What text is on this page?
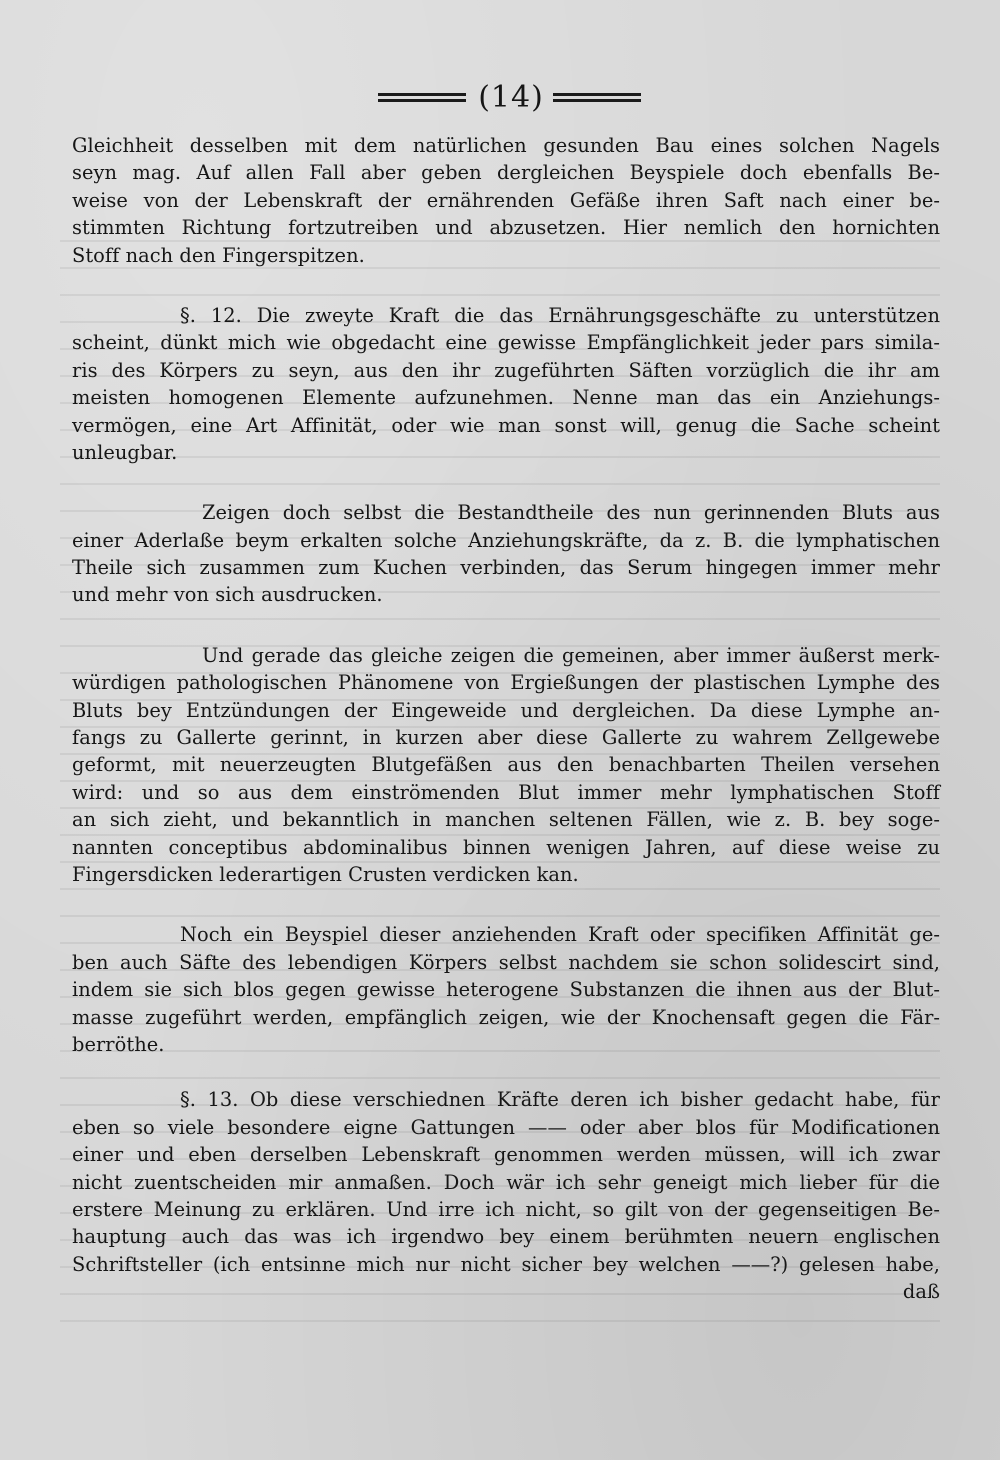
(14)
Gleichheit desselben mit dem natürlichen gesunden Bau eines solchen Nagels
seyn mag. Auf allen Fall aber geben dergleichen Beyspiele doch ebenfalls Be-
weise von der Lebenskraft der ernährenden Gefäße ihren Saft nach einer be-
stimmten Richtung fortzutreiben und abzusetzen. Hier nemlich den hornichten
Stoff nach den Fingerspitzen.
§. 12. Die zweyte Kraft die das Ernährungsgeschäfte zu unterstützen
scheint, dünkt mich wie obgedacht eine gewisse Empfänglichkeit jeder pars simila-
ris des Körpers zu seyn, aus den ihr zugeführten Säften vorzüglich die ihr am
meisten homogenen Elemente aufzunehmen. Nenne man das ein Anziehungs-
vermögen, eine Art Affinität, oder wie man sonst will, genug die Sache scheint
unleugbar.
Zeigen doch selbst die Bestandtheile des nun gerinnenden Bluts aus
einer Aderlaße beym erkalten solche Anziehungskräfte, da z. B. die lymphatischen
Theile sich zusammen zum Kuchen verbinden, das Serum hingegen immer mehr
und mehr von sich ausdrucken.
Und gerade das gleiche zeigen die gemeinen, aber immer äußerst merk-
würdigen pathologischen Phänomene von Ergießungen der plastischen Lymphe des
Bluts bey Entzündungen der Eingeweide und dergleichen. Da diese Lymphe an-
fangs zu Gallerte gerinnt, in kurzen aber diese Gallerte zu wahrem Zellgewebe
geformt, mit neuerzeugten Blutgefäßen aus den benachbarten Theilen versehen
wird: und so aus dem einströmenden Blut immer mehr lymphatischen Stoff
an sich zieht, und bekanntlich in manchen seltenen Fällen, wie z. B. bey soge-
nannten conceptibus abdominalibus binnen wenigen Jahren, auf diese weise zu
Fingersdicken lederartigen Crusten verdicken kan.
Noch ein Beyspiel dieser anziehenden Kraft oder specifiken Affinität ge-
ben auch Säfte des lebendigen Körpers selbst nachdem sie schon solidescirt sind,
indem sie sich blos gegen gewisse heterogene Substanzen die ihnen aus der Blut-
masse zugeführt werden, empfänglich zeigen, wie der Knochensaft gegen die Fär-
berröthe.
§. 13. Ob diese verschiednen Kräfte deren ich bisher gedacht habe, für
eben so viele besondere eigne Gattungen —— oder aber blos für Modificationen
einer und eben derselben Lebenskraft genommen werden müssen, will ich zwar
nicht zuentscheiden mir anmaßen. Doch wär ich sehr geneigt mich lieber für die
erstere Meinung zu erklären. Und irre ich nicht, so gilt von der gegenseitigen Be-
hauptung auch das was ich irgendwo bey einem berühmten neuern englischen
Schriftsteller (ich entsinne mich nur nicht sicher bey welchen ——?) gelesen habe,
daß
